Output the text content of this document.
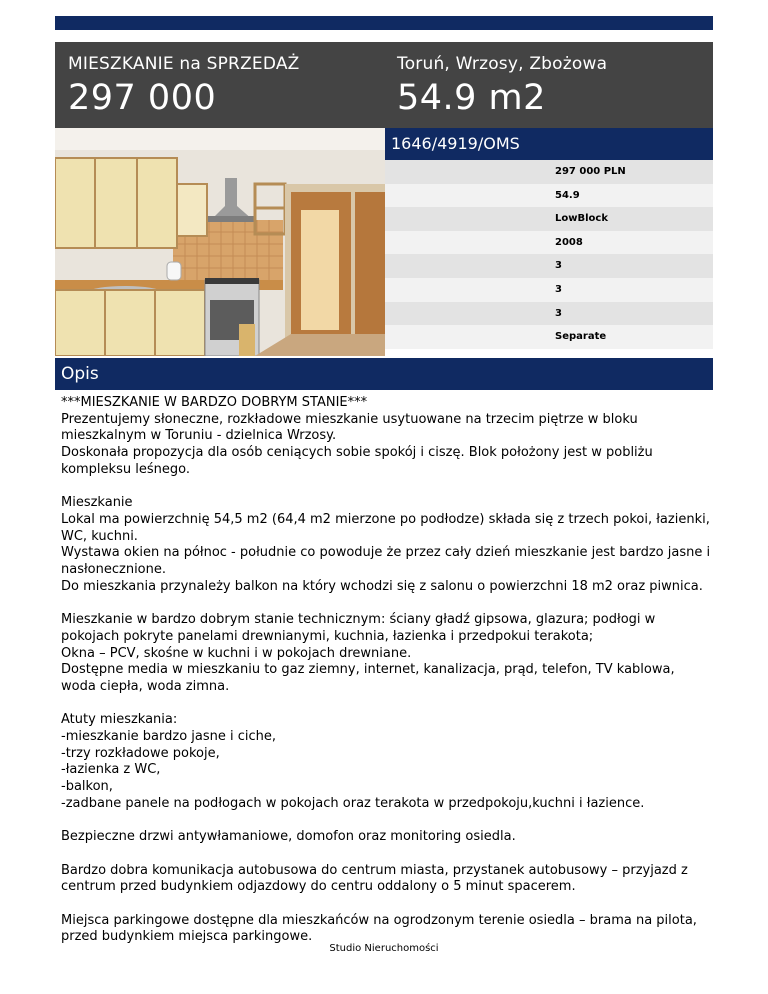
MIESZKANIE na SPRZEDAŻ
297 000
Toruń, Wrzosy, Zbożowa
54.9 m2
1646/4919/OMS
297 000 PLN
54.9
LowBlock
2008
3
3
3
Separate
Opis

***MIESZKANIE W BARDZO DOBRYM STANIE***
Prezentujemy słoneczne, rozkładowe mieszkanie usytuowane na trzecim piętrze w bloku mieszkalnym w Toruniu - dzielnica Wrzosy.
Doskonała propozycja dla osób ceniących sobie spokój i ciszę. Blok położony jest w pobliżu kompleksu leśnego.

Mieszkanie
Lokal ma powierzchnię 54,5 m2 (64,4 m2 mierzone po podłodze) składa się z trzech pokoi, łazienki, WC, kuchni.
Wystawa okien na północ - południe co powoduje że przez cały dzień mieszkanie jest bardzo jasne i nasłonecznione.
Do mieszkania przynależy balkon na który wchodzi się z salonu o powierzchni 18 m2 oraz piwnica.

Mieszkanie w bardzo dobrym stanie technicznym: ściany gładź gipsowa, glazura; podłogi w pokojach pokryte panelami drewnianymi, kuchnia, łazienka i przedpokui terakota;
Okna – PCV, skośne w kuchni i w pokojach drewniane.
Dostępne media w mieszkaniu to gaz ziemny, internet, kanalizacja, prąd, telefon, TV kablowa, woda ciepła, woda zimna.

Atuty mieszkania:
-mieszkanie bardzo jasne i ciche,
-trzy rozkładowe pokoje,
-łazienka z WC,
-balkon,
-zadbane panele na podłogach w pokojach oraz terakota w przedpokoju,kuchni i łazience.

Bezpieczne drzwi antywłamaniowe, domofon oraz monitoring osiedla.

Bardzo dobra komunikacja autobusowa do centrum miasta, przystanek autobusowy – przyjazd z centrum przed budynkiem odjazdowy do centru oddalony o 5 minut spacerem.

Miejsca parkingowe dostępne dla mieszkańców na ogrodzonym terenie osiedla – brama na pilota, przed budynkiem miejsca parkingowe.

Studio Nieruchomości
